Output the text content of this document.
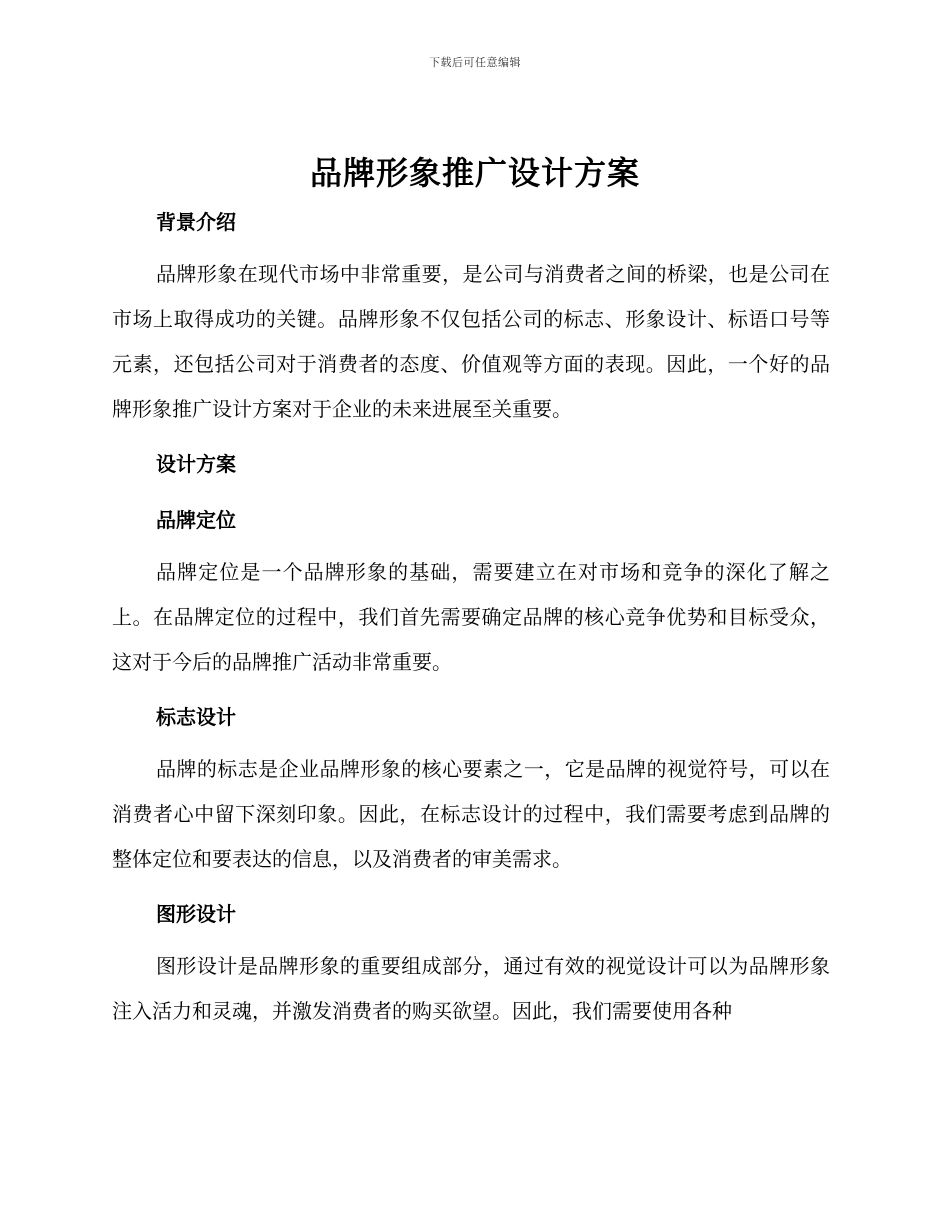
下载后可任意编辑
品牌形象推广设计方案
背景介绍

品牌形象在现代市场中非常重要，是公司与消费者之间的桥梁，也是公司在市场上取得成功的关键。品牌形象不仅包括公司的标志、形象设计、标语口号等元素，还包括公司对于消费者的态度、价值观等方面的表现。因此，一个好的品牌形象推广设计方案对于企业的未来进展至关重要。

设计方案
品牌定位

品牌定位是一个品牌形象的基础，需要建立在对市场和竞争的深化了解之上。在品牌定位的过程中，我们首先需要确定品牌的核心竞争优势和目标受众，这对于今后的品牌推广活动非常重要。

标志设计

品牌的标志是企业品牌形象的核心要素之一，它是品牌的视觉符号，可以在消费者心中留下深刻印象。因此，在标志设计的过程中，我们需要考虑到品牌的整体定位和要表达的信息，以及消费者的审美需求。

图形设计

图形设计是品牌形象的重要组成部分，通过有效的视觉设计可以为品牌形象注入活力和灵魂，并激发消费者的购买欲望。因此，我们需要使用各种
